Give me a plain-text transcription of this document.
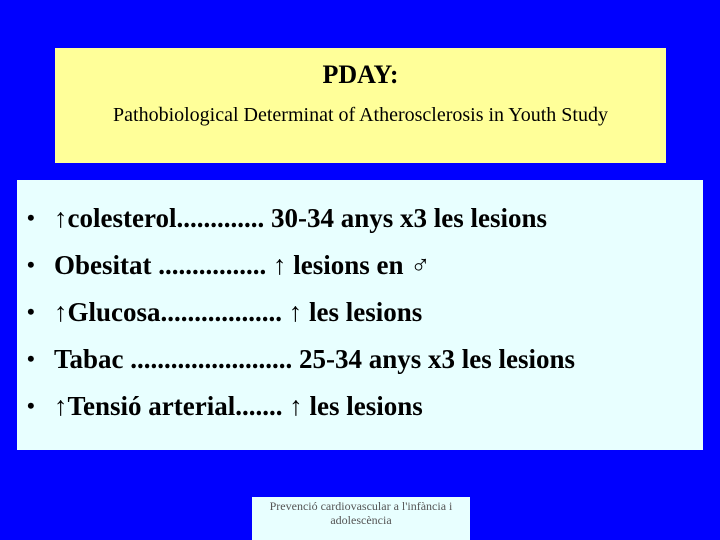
PDAY:
Pathobiological Determinat of Atherosclerosis in Youth Study
• ↑colesterol............. 30-34 anys x3 les lesions
• Obesitat ................ ↑ lesions en ♂
• ↑Glucosa.................. ↑ les lesions
• Tabac ........................ 25-34 anys x3 les lesions
• ↑Tensió arterial....... ↑ les lesions
Prevenció cardiovascular a l'infància i adolescència
